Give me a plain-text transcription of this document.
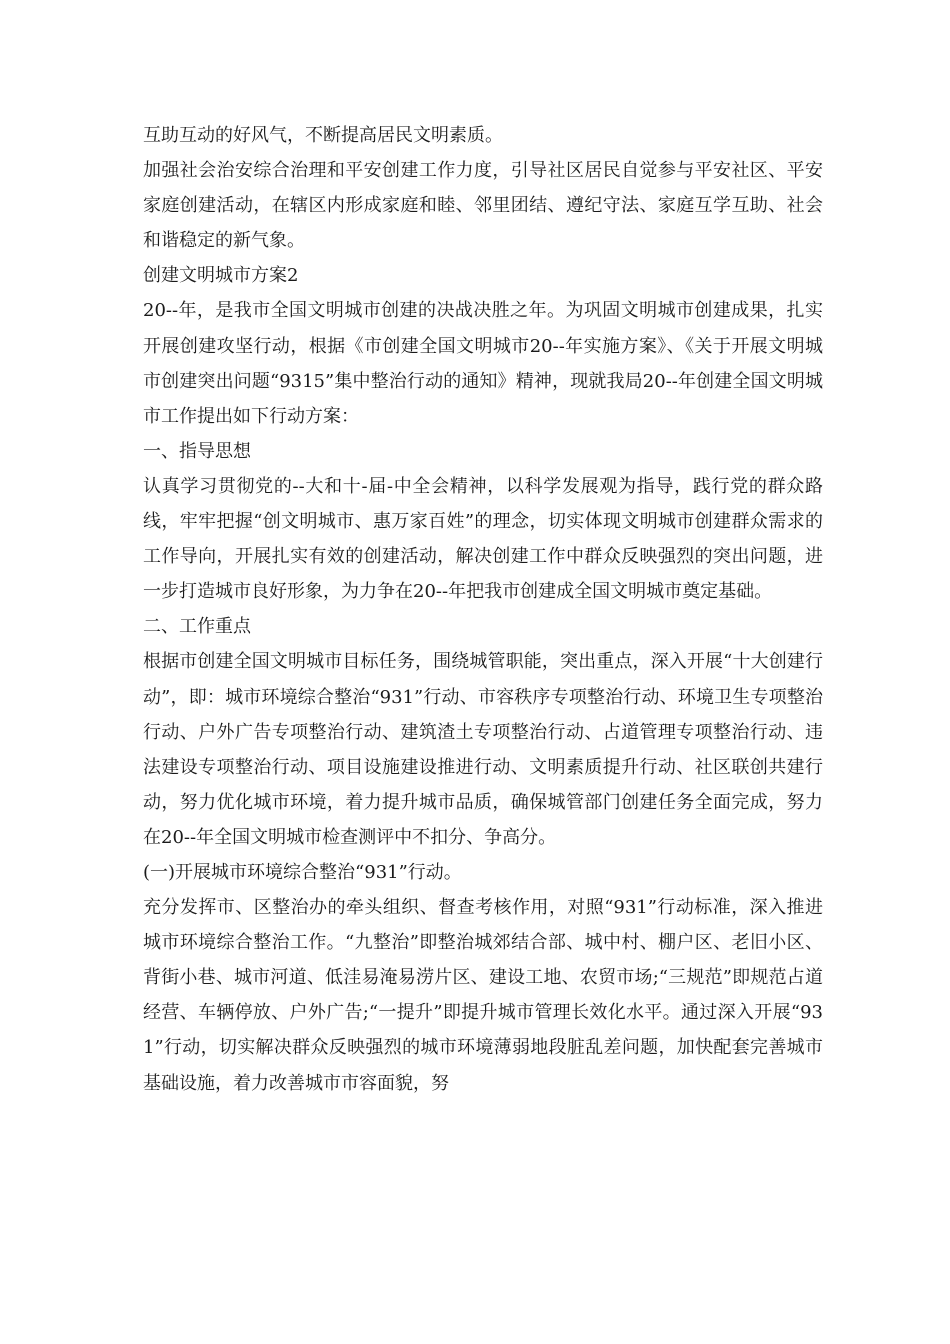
互助互动的好风气，不断提高居民文明素质。

加强社会治安综合治理和平安创建工作力度，引导社区居民自觉参与平安社区、平安家庭创建活动，在辖区内形成家庭和睦、邻里团结、遵纪守法、家庭互学互助、社会和谐稳定的新气象。

创建文明城市方案2

20--年，是我市全国文明城市创建的决战决胜之年。为巩固文明城市创建成果，扎实开展创建攻坚行动，根据《市创建全国文明城市20--年实施方案》、《关于开展文明城市创建突出问题“9315”集中整治行动的通知》精神，现就我局20--年创建全国文明城市工作提出如下行动方案：

一、指导思想

认真学习贯彻党的--大和十-届-中全会精神，以科学发展观为指导，践行党的群众路线，牢牢把握“创文明城市、惠万家百姓”的理念，切实体现文明城市创建群众需求的工作导向，开展扎实有效的创建活动，解决创建工作中群众反映强烈的突出问题，进一步打造城市良好形象，为力争在20--年把我市创建成全国文明城市奠定基础。

二、工作重点

根据市创建全国文明城市目标任务，围绕城管职能，突出重点，深入开展“十大创建行动”，即：城市环境综合整治“931”行动、市容秩序专项整治行动、环境卫生专项整治行动、户外广告专项整治行动、建筑渣土专项整治行动、占道管理专项整治行动、违法建设专项整治行动、项目设施建设推进行动、文明素质提升行动、社区联创共建行动，努力优化城市环境，着力提升城市品质，确保城管部门创建任务全面完成，努力在20--年全国文明城市检查测评中不扣分、争高分。

(一)开展城市环境综合整治“931”行动。

充分发挥市、区整治办的牵头组织、督查考核作用，对照“931”行动标准，深入推进城市环境综合整治工作。“九整治”即整治城郊结合部、城中村、棚户区、老旧小区、背街小巷、城市河道、低洼易淹易涝片区、建设工地、农贸市场;“三规范”即规范占道经营、车辆停放、户外广告;“一提升”即提升城市管理长效化水平。通过深入开展“931”行动，切实解决群众反映强烈的城市环境薄弱地段脏乱差问题，加快配套完善城市基础设施，着力改善城市市容面貌，努
